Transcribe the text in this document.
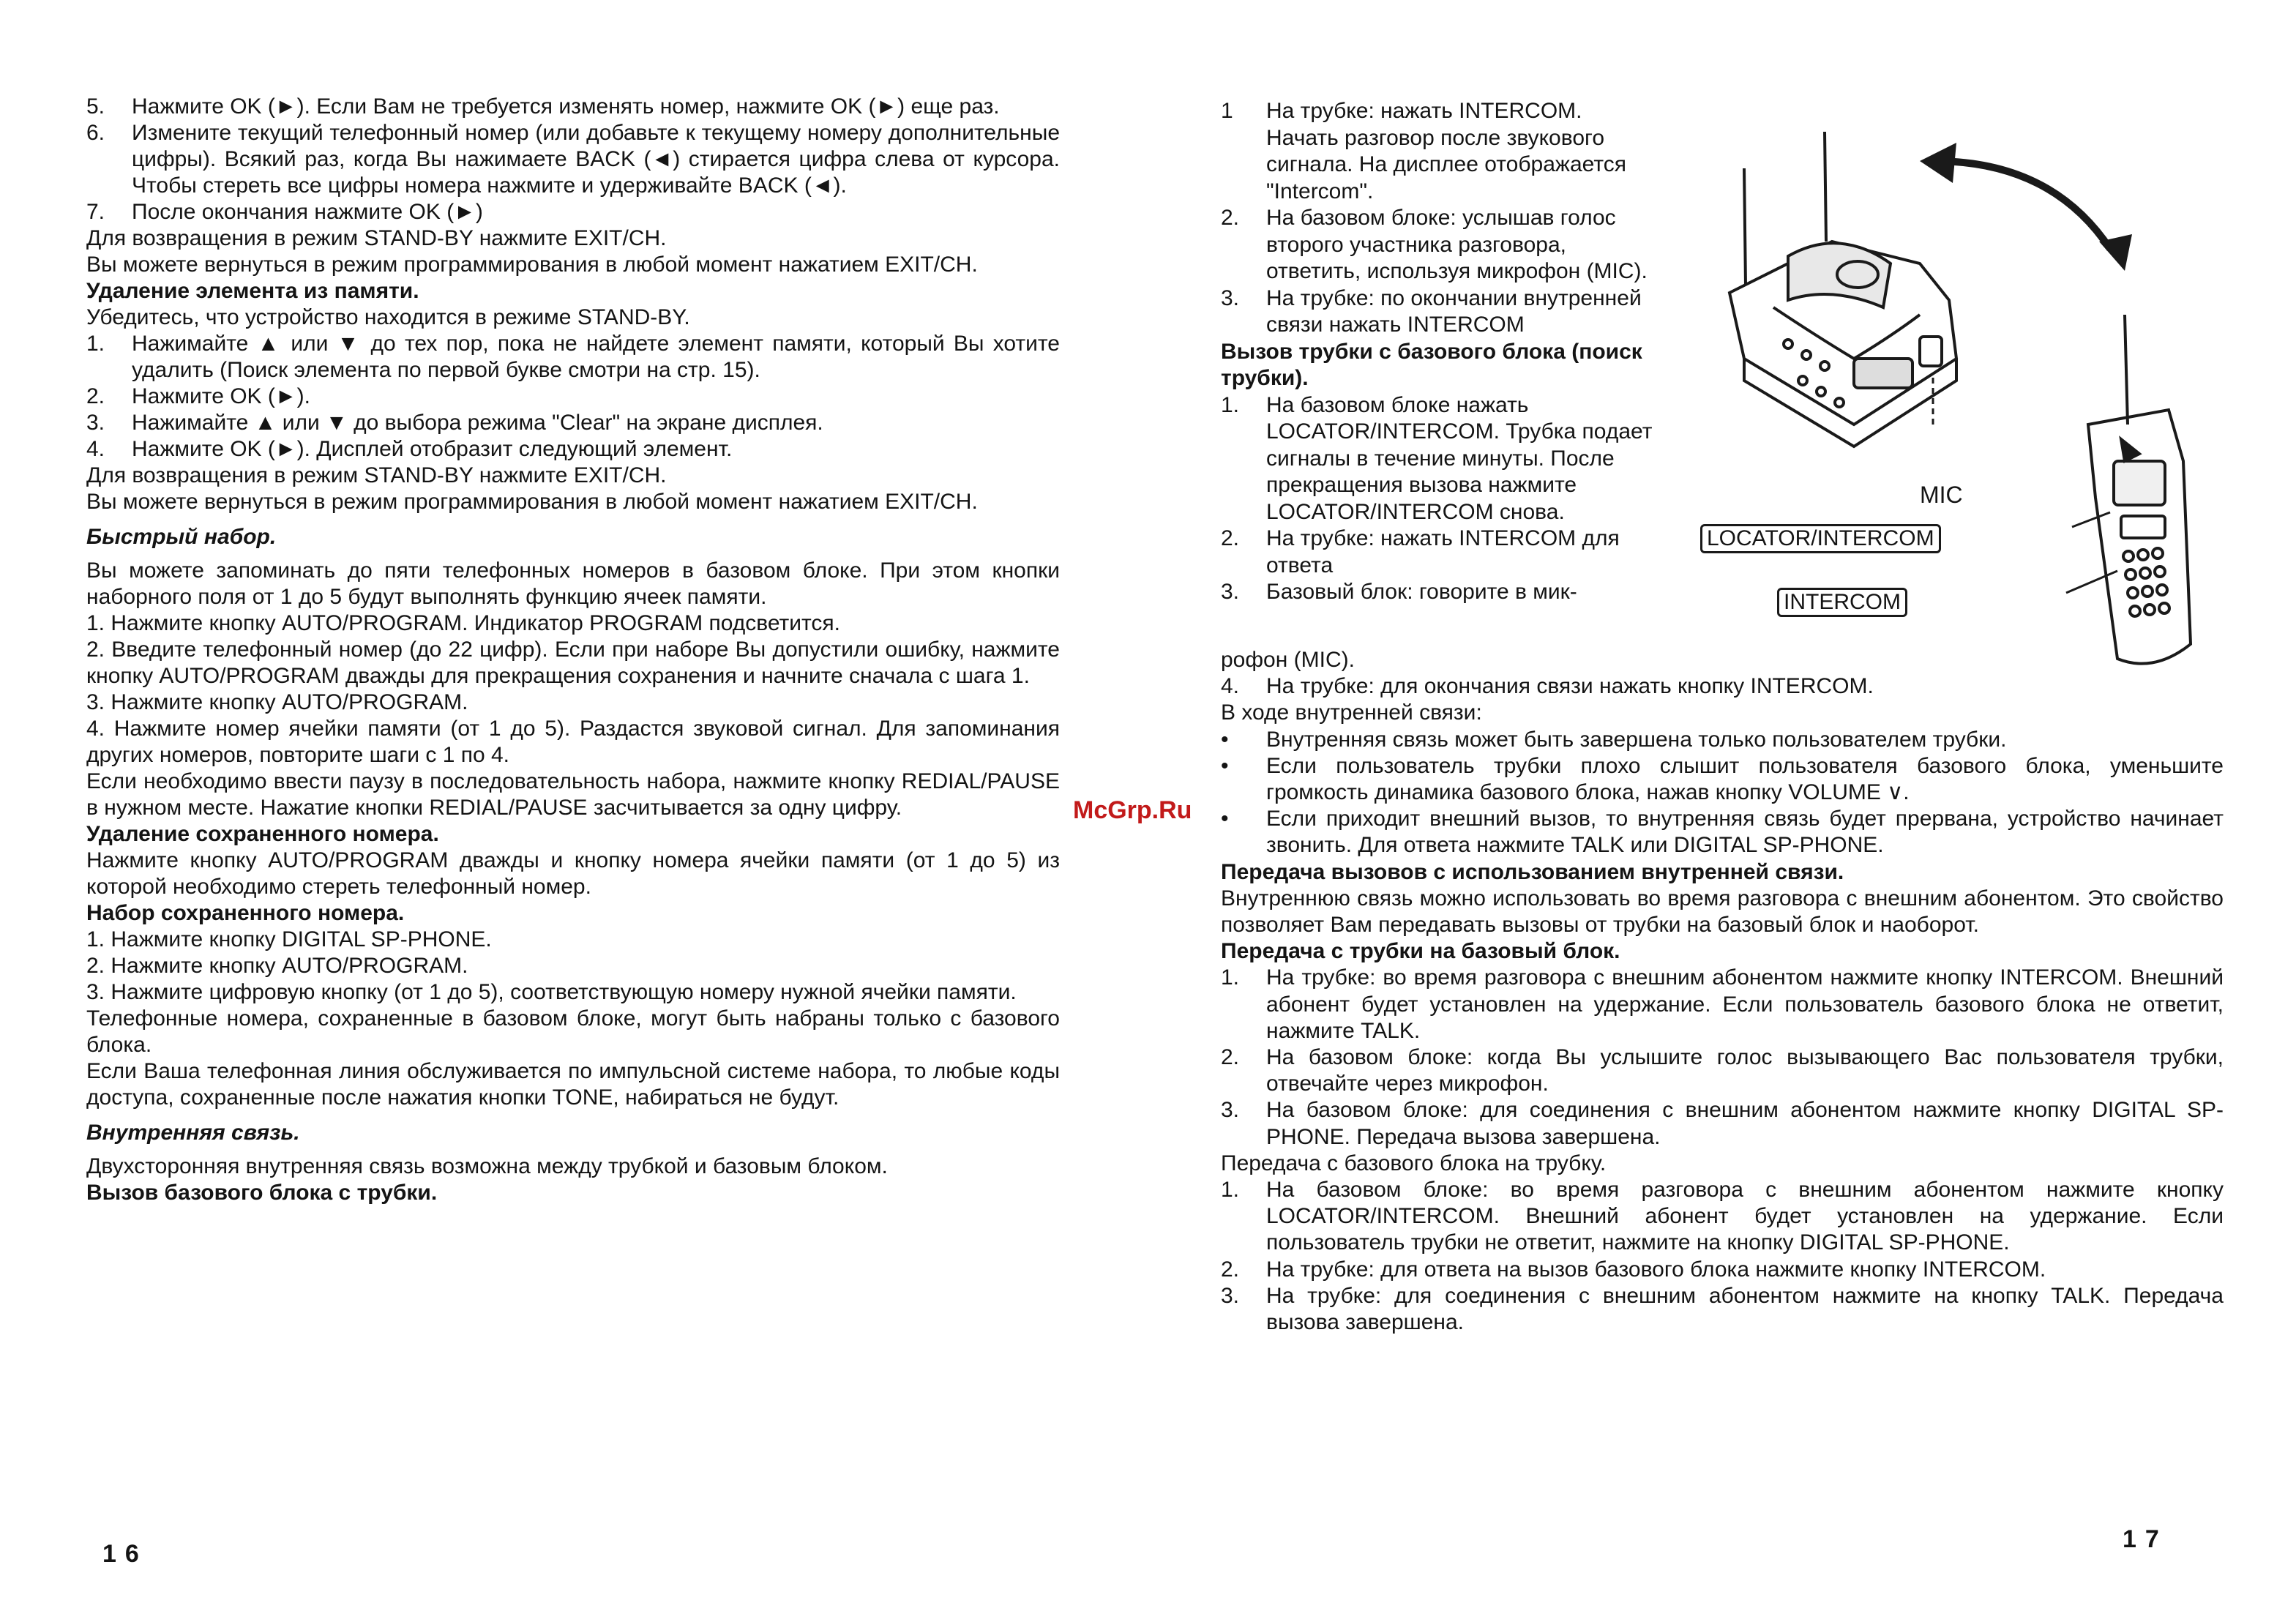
5.	Нажмите OK (►). Если Вам не требуется изменять номер, нажмите OK (►) еще раз.
6.	Измените текущий телефонный номер (или добавьте к текущему номеру дополнительные цифры). Всякий раз, когда Вы нажимаете BACK (◄) стирается цифра слева от курсора. Чтобы стереть все цифры номера нажмите и удерживайте BACK (◄).
7.	После окончания нажмите OK (►)

Для возвращения в режим STAND-BY нажмите EXIT/CH.

Вы можете вернуться в режим программирования в любой момент нажатием EXIT/CH.

Удаление элемента из памяти.

Убедитесь, что устройство находится в режиме STAND-BY.

1.	Нажимайте ▲ или ▼ до тех пор, пока не найдете элемент памяти, который Вы хотите удалить (Поиск элемента по первой букве смотри на стр. 15).
2.	Нажмите OK (►).
3.	Нажимайте ▲ или ▼ до выбора режима "Clear" на экране дисплея.
4.	Нажмите OK (►). Дисплей отобразит следующий элемент.

Для возвращения в режим STAND-BY нажмите EXIT/CH.

Вы можете вернуться в режим программирования в любой момент нажатием EXIT/CH.

Быстрый набор.

Вы можете запоминать до пяти телефонных номеров в базовом блоке. При этом кнопки наборного поля от 1 до 5 будут выполнять функцию ячеек памяти.

1. Нажмите кнопку AUTO/PROGRAM. Индикатор PROGRAM подсветится.

2. Введите телефонный номер (до 22 цифр). Если при наборе Вы допустили ошибку, нажмите кнопку AUTO/PROGRAM дважды для прекращения сохранения и начните сначала с шага 1.

3. Нажмите кнопку AUTO/PROGRAM.

4. Нажмите номер ячейки памяти (от 1 до 5). Раздастся звуковой сигнал. Для запоминания других номеров, повторите шаги с 1 по 4.

Если необходимо ввести паузу в последовательность набора, нажмите кнопку REDIAL/PAUSE в нужном месте. Нажатие кнопки REDIAL/PAUSE засчитывается за одну цифру.

Удаление сохраненного номера.

Нажмите кнопку AUTO/PROGRAM дважды и кнопку номера ячейки памяти (от 1 до 5) из которой необходимо стереть телефонный номер.

Набор сохраненного номера.

1. Нажмите кнопку DIGITAL SP-PHONE.

2. Нажмите кнопку AUTO/PROGRAM.

3. Нажмите цифровую кнопку (от 1 до 5), соответствующую номеру нужной ячейки памяти.

Телефонные номера, сохраненные в базовом блоке, могут быть набраны только с базового блока.

Если Ваша телефонная линия обслуживается по импульсной системе набора, то любые коды доступа, сохраненные после нажатия кнопки TONE, набираться не будут.

Внутренняя связь.

Двухсторонняя внутренняя связь возможна между трубкой и базовым блоком.

Вызов базового блока с трубки.

16
1	На трубке: нажать INTERCOM. Начать разговор после звукового сигнала. На дисплее отображается "Intercom".
2.	На базовом блоке: услышав голос второго участника разговора, ответить, используя микрофон (MIC).
3.	На трубке: по окончании внутренней связи нажать INTERCOM

Вызов трубки с базового блока (поиск трубки).

1.	На базовом блоке нажать LOCATOR/INTERCOM. Трубка подает сигналы в течение минуты. После прекращения вызова нажмите LOCATOR/INTERCOM снова.
2.	На трубке: нажать INTERCOM для ответа
3.	Базовый блок: говорите в мик-
MIC
LOCATOR/INTERCOM
INTERCOM

рофон (MIC).

4.	На трубке: для окончания связи нажать кнопку INTERCOM.

В ходе внутренней связи:

•	Внутренняя связь может быть завершена только пользователем трубки.
•	Если пользователь трубки плохо слышит пользователя базового блока, уменьшите громкость динамика базового блока, нажав кнопку VOLUME ∨.
•	Если приходит внешний вызов, то внутренняя связь будет прервана, устройство начинает звонить. Для ответа нажмите TALK или DIGITAL SP-PHONE.

Передача вызовов с использованием внутренней связи.

Внутреннюю связь можно использовать во время разговора с внешним абонентом. Это свойство позволяет Вам передавать вызовы от трубки на базовый блок и наоборот.

Передача с трубки на базовый блок.

1.	На трубке: во время разговора с внешним абонентом нажмите кнопку INTERCOM. Внешний абонент будет установлен на удержание. Если пользователь базового блока не ответит, нажмите TALK.
2.	На базовом блоке: когда Вы услышите голос вызывающего Вас пользователя трубки, отвечайте через микрофон.
3.	На базовом блоке: для соединения с внешним абонентом нажмите кнопку DIGITAL SP-PHONE. Передача вызова завершена.

Передача с базового блока на трубку.

1.	На базовом блоке: во время разговора с внешним абонентом нажмите кнопку LOCATOR/INTERCOM. Внешний абонент будет установлен на удержание. Если пользователь трубки не ответит, нажмите на кнопку DIGITAL SP-PHONE.
2.	На трубке: для ответа на вызов базового блока нажмите кнопку INTERCOM.
3.	На трубке: для соединения с внешним абонентом нажмите на кнопку TALK. Передача вызова завершена.
17
McGrp.Ru
